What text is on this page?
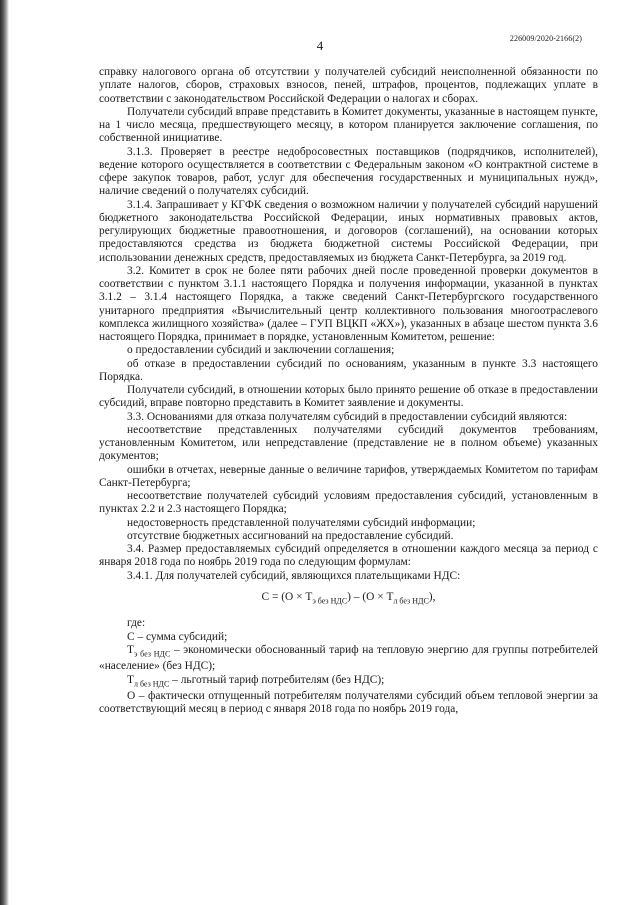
4	226009/2020-2166(2)

справку налогового органа об отсутствии у получателей субсидий неисполненной обязанности по уплате налогов, сборов, страховых взносов, пеней, штрафов, процентов, подлежащих уплате в соответствии с законодательством Российской Федерации о налогах и сборах.

Получатели субсидий вправе представить в Комитет документы, указанные в настоящем пункте, на 1 число месяца, предшествующего месяцу, в котором планируется заключение соглашения, по собственной инициативе.

3.1.3. Проверяет в реестре недобросовестных поставщиков (подрядчиков, исполнителей), ведение которого осуществляется в соответствии с Федеральным законом «О контрактной системе в сфере закупок товаров, работ, услуг для обеспечения государственных и муниципальных нужд», наличие сведений о получателях субсидий.

3.1.4. Запрашивает у КГФК сведения о возможном наличии у получателей субсидий нарушений бюджетного законодательства Российской Федерации, иных нормативных правовых актов, регулирующих бюджетные правоотношения, и договоров (соглашений), на основании которых предоставляются средства из бюджета бюджетной системы Российской Федерации, при использовании денежных средств, предоставляемых из бюджета Санкт-Петербурга, за 2019 год.

3.2. Комитет в срок не более пяти рабочих дней после проведенной проверки документов в соответствии с пунктом 3.1.1 настоящего Порядка и получения информации, указанной в пунктах 3.1.2 – 3.1.4 настоящего Порядка, а также сведений Санкт-Петербургского государственного унитарного предприятия «Вычислительный центр коллективного пользования многоотраслевого комплекса жилищного хозяйства» (далее – ГУП ВЦКП «ЖХ»), указанных в абзаце шестом пункта 3.6 настоящего Порядка, принимает в порядке, установленным Комитетом, решение:

о предоставлении субсидий и заключении соглашения;

об отказе в предоставлении субсидий по основаниям, указанным в пункте 3.3 настоящего Порядка.

Получатели субсидий, в отношении которых было принято решение об отказе в предоставлении субсидий, вправе повторно представить в Комитет заявление и документы.

3.3. Основаниями для отказа получателям субсидий в предоставлении субсидий являются:

несоответствие представленных получателями субсидий документов требованиям, установленным Комитетом, или непредставление (представление не в полном объеме) указанных документов;

ошибки в отчетах, неверные данные о величине тарифов, утверждаемых Комитетом по тарифам Санкт-Петербурга;

несоответствие получателей субсидий условиям предоставления субсидий, установленным в пунктах 2.2 и 2.3 настоящего Порядка;

недостоверность представленной получателями субсидий информации;

отсутствие бюджетных ассигнований на предоставление субсидий.

3.4. Размер предоставляемых субсидий определяется в отношении каждого месяца за период с января 2018 года по ноябрь 2019 года по следующим формулам:

3.4.1. Для получателей субсидий, являющихся плательщиками НДС:

$С = (О \times Т_{э без НДС}) - (О \times Т_{л без НДС})$,

где:

С – сумма субсидий;

$Т_{э без НДС}$ – экономически обоснованный тариф на тепловую энергию для группы потребителей «население» (без НДС);

$Т_{л без НДС}$ – льготный тариф потребителям (без НДС);

О – фактически отпущенный потребителям получателями субсидий объем тепловой энергии за соответствующий месяц в период с января 2018 года по ноябрь 2019 года,
